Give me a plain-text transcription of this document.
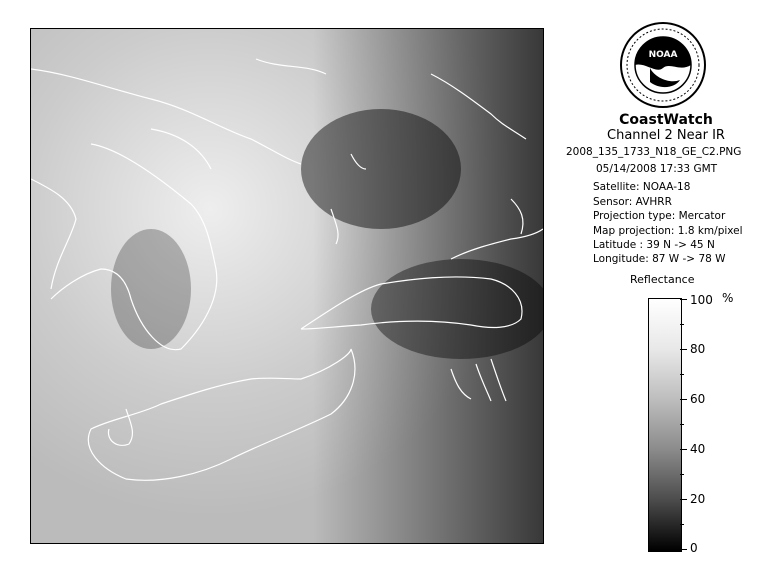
NOAA
CoastWatch
Channel 2 Near IR
2008_135_1733_N18_GE_C2.PNG
05/14/2008 17:33 GMT
Satellite: NOAA-18
Sensor: AVHRR
Projection type: Mercator
Map projection: 1.8 km/pixel
Latitude : 39 N -> 45 N
Longitude: 87 W -> 78 W
Reflectance
100 %
80
60
40
20
0
